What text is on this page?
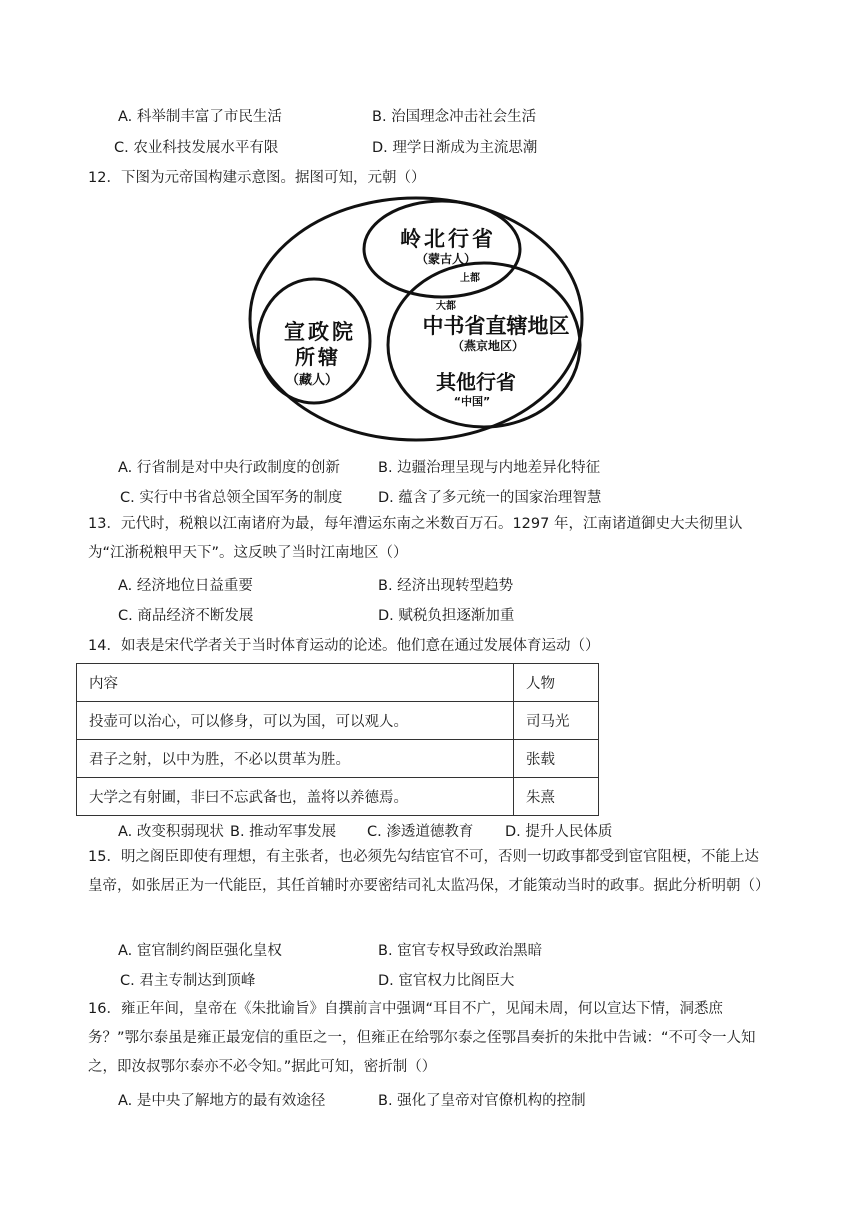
A. 科举制丰富了市民生活	B. 治国理念冲击社会生活
C. 农业科技发展水平有限	D. 理学日渐成为主流思潮
12．下图为元帝国构建示意图。据图可知，元朝（）
岭北行省
（蒙古人）
上都
大都
中书省直辖地区
（燕京地区）
宣政院
所辖
（藏人）	其他行省
“中国”
A. 行省制是对中央行政制度的创新	B. 边疆治理呈现与内地差异化特征
C. 实行中书省总领全国军务的制度 D. 蕴含了多元统一的国家治理智慧
13．元代时，税粮以江南诸府为最，每年漕运东南之米数百万石。1297 年，江南诸道御史大夫彻里认为“江浙税粮甲天下”。这反映了当时江南地区（）
A. 经济地位日益重要	B. 经济出现转型趋势
C. 商品经济不断发展	D. 赋税负担逐渐加重
14．如表是宋代学者关于当时体育运动的论述。他们意在通过发展体育运动（）
内容	人物
投壶可以治心，可以修身，可以为国，可以观人。	司马光
君子之射，以中为胜，不必以贯革为胜。	张载
大学之有射圃，非曰不忘武备也，盖将以养德焉。	朱熹
A. 改变积弱现状 B. 推动军事发展 C. 渗透道德教育 D. 提升人民体质
15．明之阁臣即使有理想，有主张者，也必须先勾结宦官不可，否则一切政事都受到宦官阻梗，不能上达皇帝，如张居正为一代能臣，其任首辅时亦要密结司礼太监冯保，才能策动当时的政事。据此分析明朝（）
A. 宦官制约阁臣强化皇权	B. 宦官专权导致政治黑暗
C. 君主专制达到顶峰	D. 宦官权力比阁臣大
16．雍正年间，皇帝在《朱批谕旨》自撰前言中强调“耳目不广，见闻未周，何以宣达下情，洞悉庶务？”鄂尔泰虽是雍正最宠信的重臣之一，但雍正在给鄂尔泰之侄鄂昌奏折的朱批中告诫：“不可令一人知之，即汝叔鄂尔泰亦不必令知。”据此可知，密折制（）
A. 是中央了解地方的最有效途径	B. 强化了皇帝对官僚机构的控制
